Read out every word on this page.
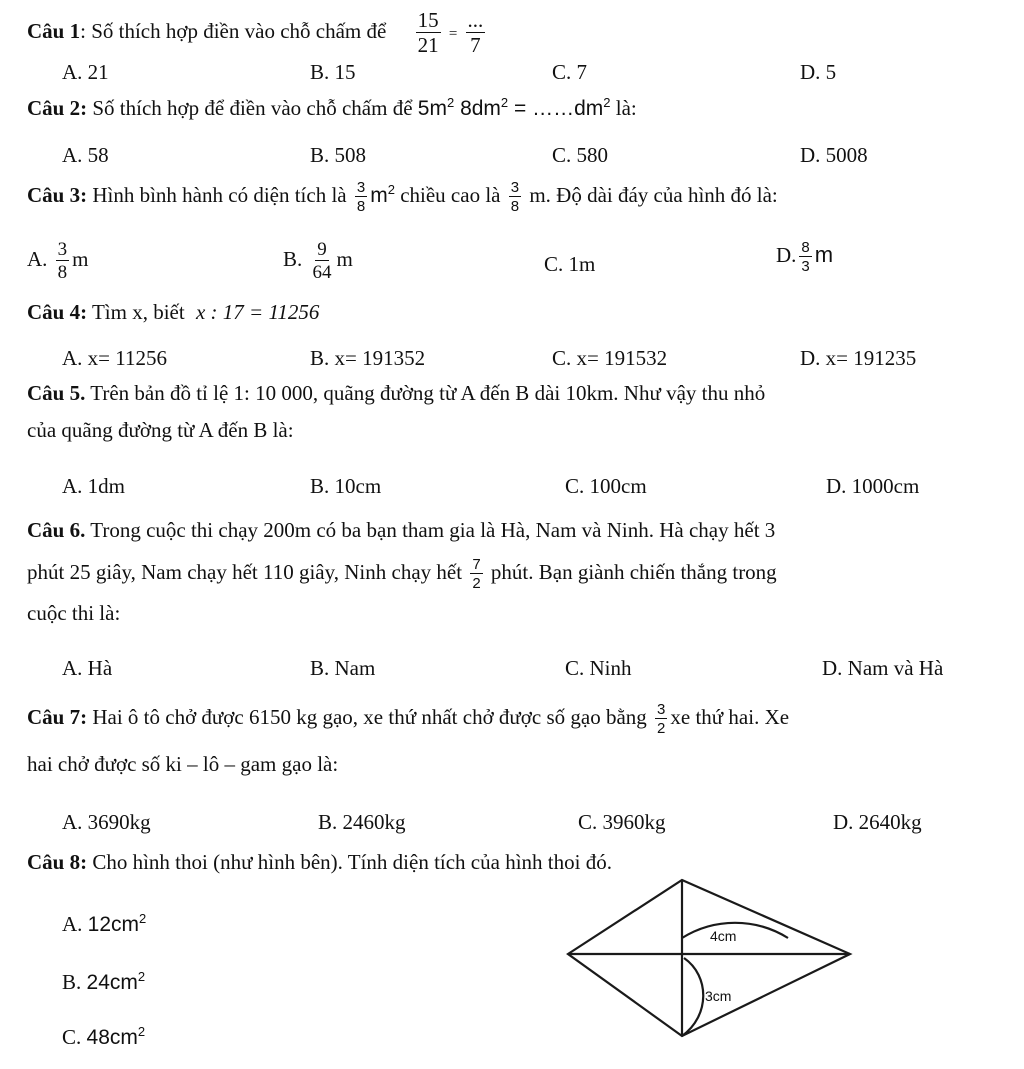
Câu 1: Số thích hợp điền vào chỗ chấm để $\frac{15}{21} = \frac{...}{7}$
A. 21	B. 15	C. 7	D. 5
Câu 2: Số thích hợp để điền vào chỗ chấm để $5m^2$ $8dm^2$ = $\dots\dots dm^2$ là:
A. 58	B. 508	C. 580	D. 5008
Câu 3: Hình bình hành có diện tích là $\frac{3}{8} m^2$ chiều cao là $\frac{3}{8} m$. Độ dài đáy của hình đó là:
A. $\frac{3}{8}$ m	B. $\frac{9}{64}$ m	C. 1m	D. $\frac{8}{3}$ m
Câu 4: Tìm x, biết x : 17 = 11256
A. x= 11256	B. x= 191352	C. x= 191532	D. x= 191235
Câu 5. Trên bản đồ tỉ lệ 1: 10 000, quãng đường từ A đến B dài 10km. Như vậy thu nhỏ
của quãng đường từ A đến B là:
A. 1dm	B. 10cm	C. 100cm	D. 1000cm
Câu 6. Trong cuộc thi chạy 200m có ba bạn tham gia là Hà, Nam và Ninh. Hà chạy hết 3
phút 25 giây, Nam chạy hết 110 giây, Ninh chạy hết $\frac{7}{2}$ phút. Bạn giành chiến thắng trong
cuộc thi là:
A. Hà	B. Nam	C. Ninh	D. Nam và Hà
Câu 7: Hai ô tô chở được 6150 kg gạo, xe thứ nhất chở được số gạo bằng $\frac{3}{2}$ xe thứ hai. Xe
hai chở được số ki – lô – gam gạo là:
A. 3690kg	B. 2460kg	C. 3960kg	D. 2640kg
Câu 8: Cho hình thoi (như hình bên). Tính diện tích của hình thoi đó.
A. $12cm^2$
B. $24cm^2$
C. $48cm^2$
4cm
3cm
